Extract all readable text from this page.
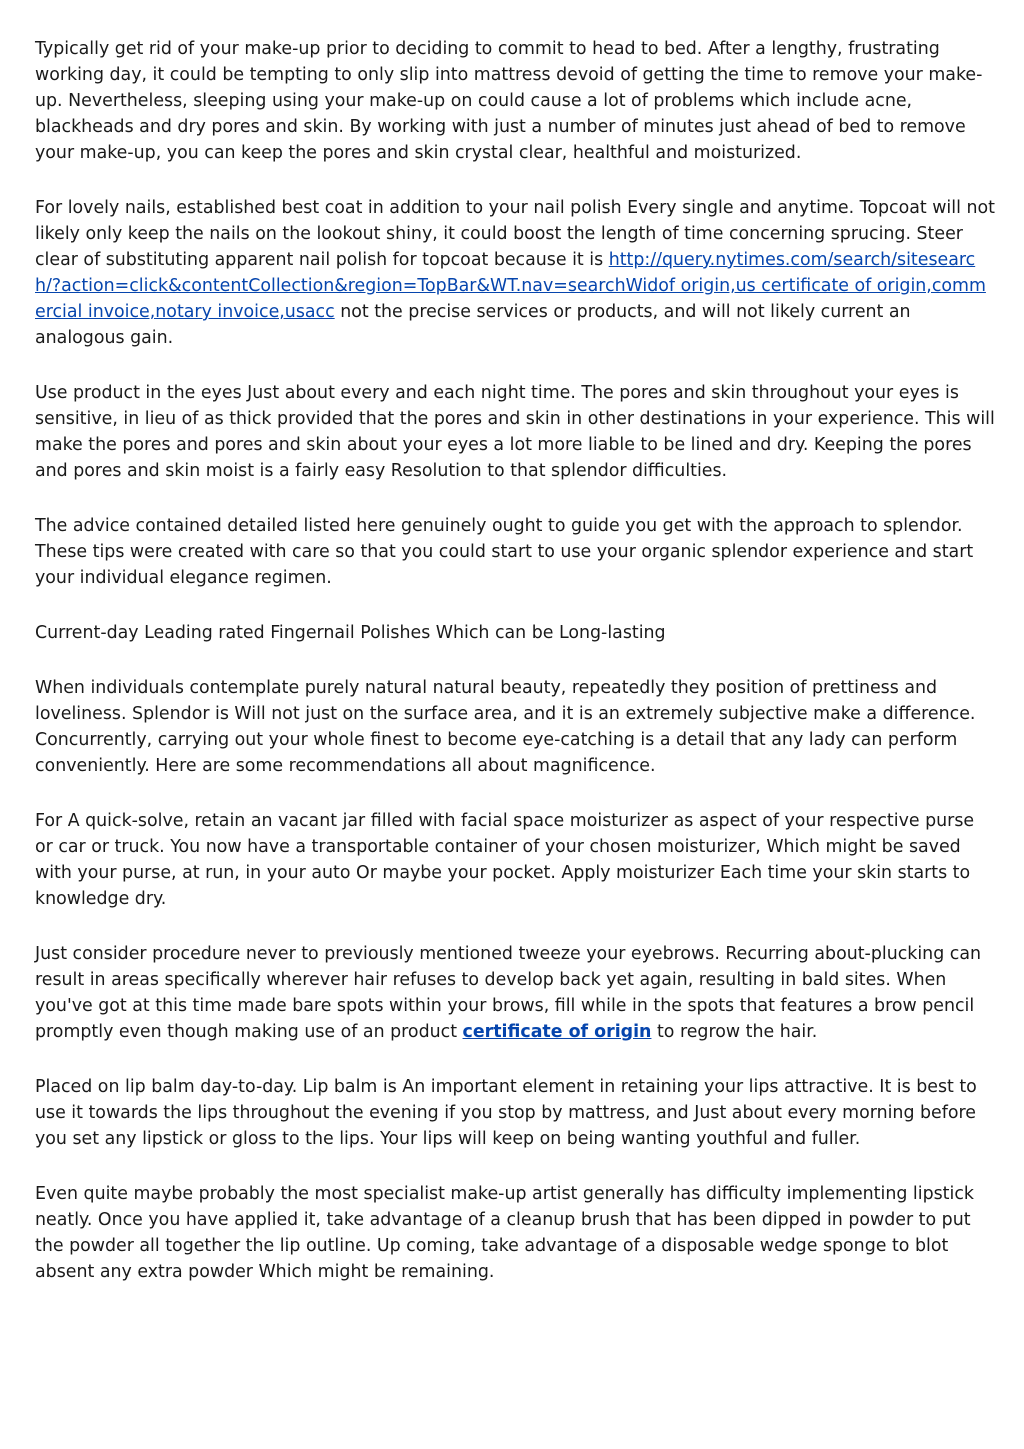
Typically get rid of your make-up prior to deciding to commit to head to bed. After a lengthy, frustrating working day, it could be tempting to only slip into mattress devoid of getting the time to remove your make-up. Nevertheless, sleeping using your make-up on could cause a lot of problems which include acne, blackheads and dry pores and skin. By working with just a number of minutes just ahead of bed to remove your make-up, you can keep the pores and skin crystal clear, healthful and moisturized.

For lovely nails, established best coat in addition to your nail polish Every single and anytime. Topcoat will not likely only keep the nails on the lookout shiny, it could boost the length of time concerning sprucing. Steer clear of substituting apparent nail polish for topcoat because it is http://query.nytimes.com/search/sitesearch/?action=click&contentCollection&region=TopBar&WT.nav=searchWidof origin,us certificate of origin,commercial invoice,notary invoice,usacc not the precise services or products, and will not likely current an analogous gain.

Use product in the eyes Just about every and each night time. The pores and skin throughout your eyes is sensitive, in lieu of as thick provided that the pores and skin in other destinations in your experience. This will make the pores and pores and skin about your eyes a lot more liable to be lined and dry. Keeping the pores and pores and skin moist is a fairly easy Resolution to that splendor difficulties.

The advice contained detailed listed here genuinely ought to guide you get with the approach to splendor. These tips were created with care so that you could start to use your organic splendor experience and start your individual elegance regimen.

Current-day Leading rated Fingernail Polishes Which can be Long-lasting

When individuals contemplate purely natural natural beauty, repeatedly they position of prettiness and loveliness. Splendor is Will not just on the surface area, and it is an extremely subjective make a difference. Concurrently, carrying out your whole finest to become eye-catching is a detail that any lady can perform conveniently. Here are some recommendations all about magnificence.

For A quick-solve, retain an vacant jar filled with facial space moisturizer as aspect of your respective purse or car or truck. You now have a transportable container of your chosen moisturizer, Which might be saved with your purse, at run, in your auto Or maybe your pocket. Apply moisturizer Each time your skin starts to knowledge dry.

Just consider procedure never to previously mentioned tweeze your eyebrows. Recurring about-plucking can result in areas specifically wherever hair refuses to develop back yet again, resulting in bald sites. When you've got at this time made bare spots within your brows, fill while in the spots that features a brow pencil promptly even though making use of an product certificate of origin to regrow the hair.

Placed on lip balm day-to-day. Lip balm is An important element in retaining your lips attractive. It is best to use it towards the lips throughout the evening if you stop by mattress, and Just about every morning before you set any lipstick or gloss to the lips. Your lips will keep on being wanting youthful and fuller.

Even quite maybe probably the most specialist make-up artist generally has difficulty implementing lipstick neatly. Once you have applied it, take advantage of a cleanup brush that has been dipped in powder to put the powder all together the lip outline. Up coming, take advantage of a disposable wedge sponge to blot absent any extra powder Which might be remaining.
